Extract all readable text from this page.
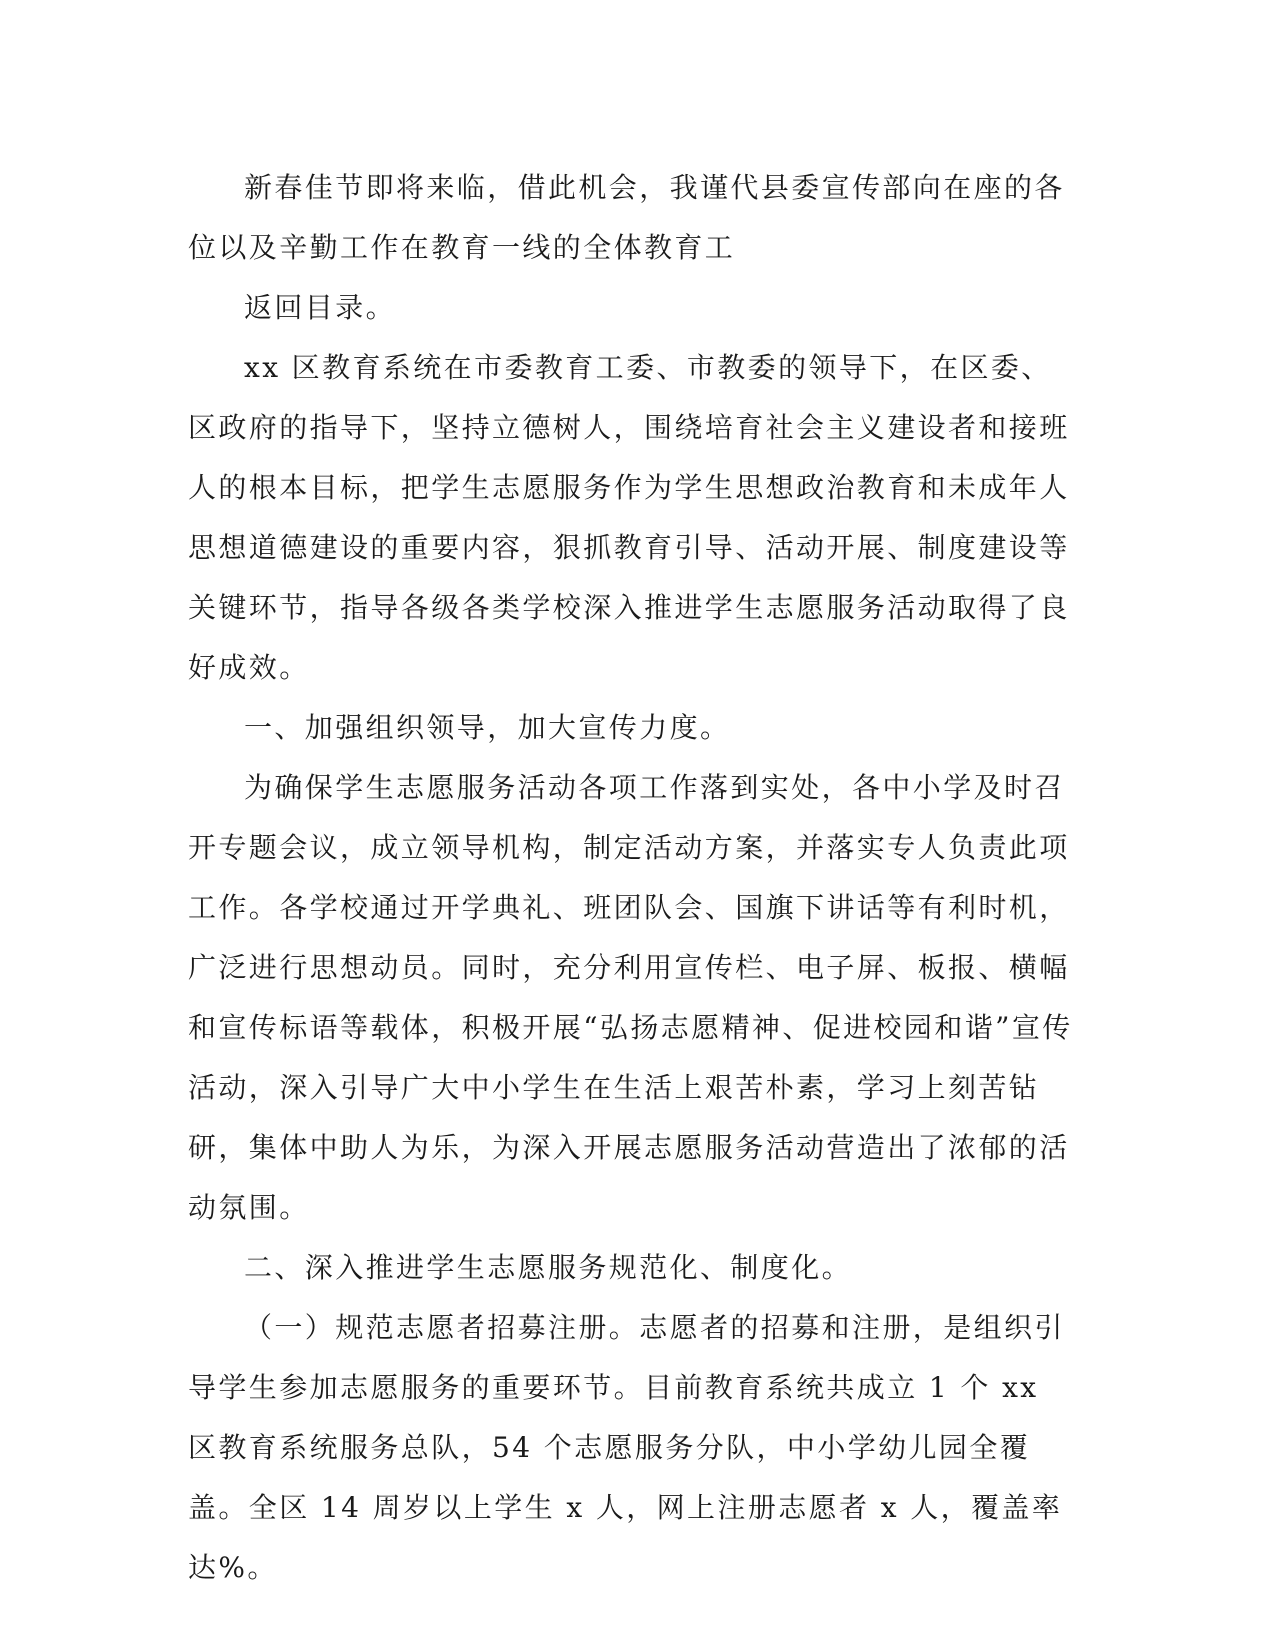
新春佳节即将来临，借此机会，我谨代县委宣传部向在座的各位以及辛勤工作在教育一线的全体教育工

返回目录。

xx 区教育系统在市委教育工委、市教委的领导下，在区委、区政府的指导下，坚持立德树人，围绕培育社会主义建设者和接班人的根本目标，把学生志愿服务作为学生思想政治教育和未成年人思想道德建设的重要内容，狠抓教育引导、活动开展、制度建设等关键环节，指导各级各类学校深入推进学生志愿服务活动取得了良好成效。

一、加强组织领导，加大宣传力度。

为确保学生志愿服务活动各项工作落到实处，各中小学及时召开专题会议，成立领导机构，制定活动方案，并落实专人负责此项工作。各学校通过开学典礼、班团队会、国旗下讲话等有利时机，广泛进行思想动员。同时，充分利用宣传栏、电子屏、板报、横幅和宣传标语等载体，积极开展“弘扬志愿精神、促进校园和谐”宣传活动，深入引导广大中小学生在生活上艰苦朴素，学习上刻苦钻研，集体中助人为乐，为深入开展志愿服务活动营造出了浓郁的活动氛围。

二、深入推进学生志愿服务规范化、制度化。

（一）规范志愿者招募注册。志愿者的招募和注册，是组织引导学生参加志愿服务的重要环节。目前教育系统共成立 1 个 xx 区教育系统服务总队，54 个志愿服务分队，中小学幼儿园全覆盖。全区 14 周岁以上学生 x 人，网上注册志愿者 x 人，覆盖率达%。
